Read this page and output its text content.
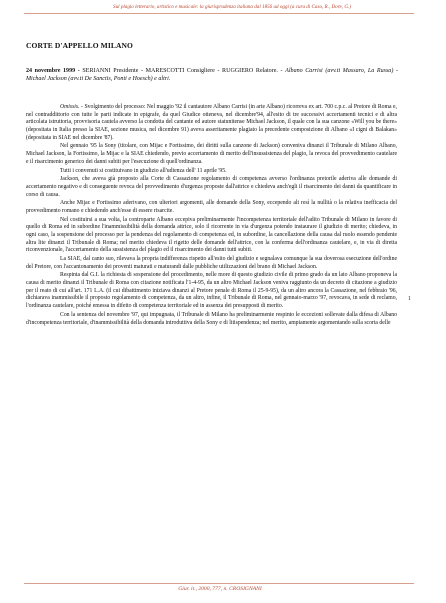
Sul plagio letterario, artistico e musicale: la giurisprudenza italiana dal 1856 ad oggi (a cura di Caso, R., Dore, G.)
CORTE D'APPELLO MILANO
24 novembre 1999 - SERIANNI Presidente - MARESCOTTI Consigliere - RUGGIERO Relatore. - Albano Carrisi (avv.ti Massaro, La Russa) - Michael Jackson (avv.ti De Sanctis, Ponti e Hoesch) e altri.

Omissis. - Svolgimento del processo: Nel maggio '92 il cantautore Albano Carrisi (in arte Albano) ricorreva ex art. 700 c.p.c. al Pretore di Roma e, nel contraddittorio con tutte le parti indicate in epigrafe, da quel Giudice otteneva, nel dicembre'94, all'esito di tre successivi accertamenti tecnici e di altra articolata istruttoria, provvisoria cautela avverso la condotta del cantante ed autore statunitense Michael Jackson, il quale con la sua canzone «Will you be there» (depositata in Italia presso la SIAE, sezione musica, nel dicembre 91) aveva asseritamente plagiato la precedente composizione di Albano «I cigni di Balakan» (depositata in SIAE nel dicembre '87).

Nel gennaio '95 la Sony (titolare, con Mijac e Fortissimo, dei diritti sulla canzone di Jackson) conveniva dinanzi il Tribunale di Milano Albano, Michael Jackson, la Fortissimo, la Mijac e la SIAE chiedendo, previo accertamento di merito dell'insussistenza del plagio, la revoca del provvedimento cautelare e il risarcimento generico dei danni subiti per l'esecuzione di quell'ordinanza.

Tutti i convenuti si costituivano in giudizio all'udienza dell' 11 aprile '95.

Jackson, che aveva già proposto alla Corte di Cassazione regolamento di competenza avverso l'ordinanza pretorile aderiva alle domande di accertamento negativo e di conseguente revoca del provvedimento d'urgenza proposte dall'attrice e chiedeva anch'egli il risarcimento dei danni da quantificare in corso di causa.

Anche Mijac e Fortissimo aderivano, con ulteriori argomenti, alle domande della Sony, eccependo alt resì la nullità o la relativa inefficacia del provvedimento romano e chiedendo anch'esse di essere risarcite.

Nel costituirsi a sua volta, la controparte Albano eccepiva preliminarmente l'incompetenza territoriale dell'adito Tribunale di Milano in favore di quello di Roma ed in subordine l'inammissibilità della domanda attrice, solo il ricorrente in via d'urgenza potendo instaurare il giudizio di merito; chiedeva, in ogni caso, la sospensione del processo per la pendenza del regolamento di competenza ed, in subordine, la cancellazione della causa dal ruolo essendo pendente altra lite dinanzi il Tribunale di Roma; nel merito chiedeva il rigetto delle domande dell'attrice, con la conferma dell'ordinanza cautelare, e, in via di diretta riconvenzionale, l'accertamento della sussistenza del plagio ed il risarcimento dei danni tutti subiti.

La SIAE, dal canto suo, rilevava la propria indifferenza rispetto all'esito del giudizio e segnalava comunque la sua doverosa esecuzione dell'ordine del Pretore, con l'accantonamento dei proventi maturati e maturandi dalle pubbliche utilizzazioni del brano di Michael Jackson.

Respinta dal G.I. la richiesta di sospensione del procedimento, nelle more di questo giudizio civile di primo grado da un lato Albano proponeva la causa di merito dinanzi il Tribunale di Roma con citazione notificata l'1-4-95, da un altro Michael Jackson veniva raggiunto da un decreto di citazione a giudizio per il reato di cui all'art. 171 L.A. (il cui dibattimento iniziava dinanzi al Pretore penale di Roma il 25-9-95), da un altro ancora la Cassazione, nel febbraio '96, dichiarava inammissibile il proposto regolamento di competenza, da un altro, infine, il Tribunale di Roma, nel gennaio-marzo '97, revocava, in sede di reclamo, l'ordinanza cautelare, poiché emessa in difetto di competenza territoriale ed in assenza dei presupposti di merito.

Con la sentenza del novembre '97, qui impugnata, il Tribunale di Milano ha preliminarmente respinto le eccezioni sollevate dalla difesa di Albano d'incompetenza territoriale, d'inammissibilità della domanda introduttiva della Sony e di litispendenza; nel merito, ampiamente argomentando sulla scorta delle

1
Giur. it., 2000, 777, n. CROSIGNANI
